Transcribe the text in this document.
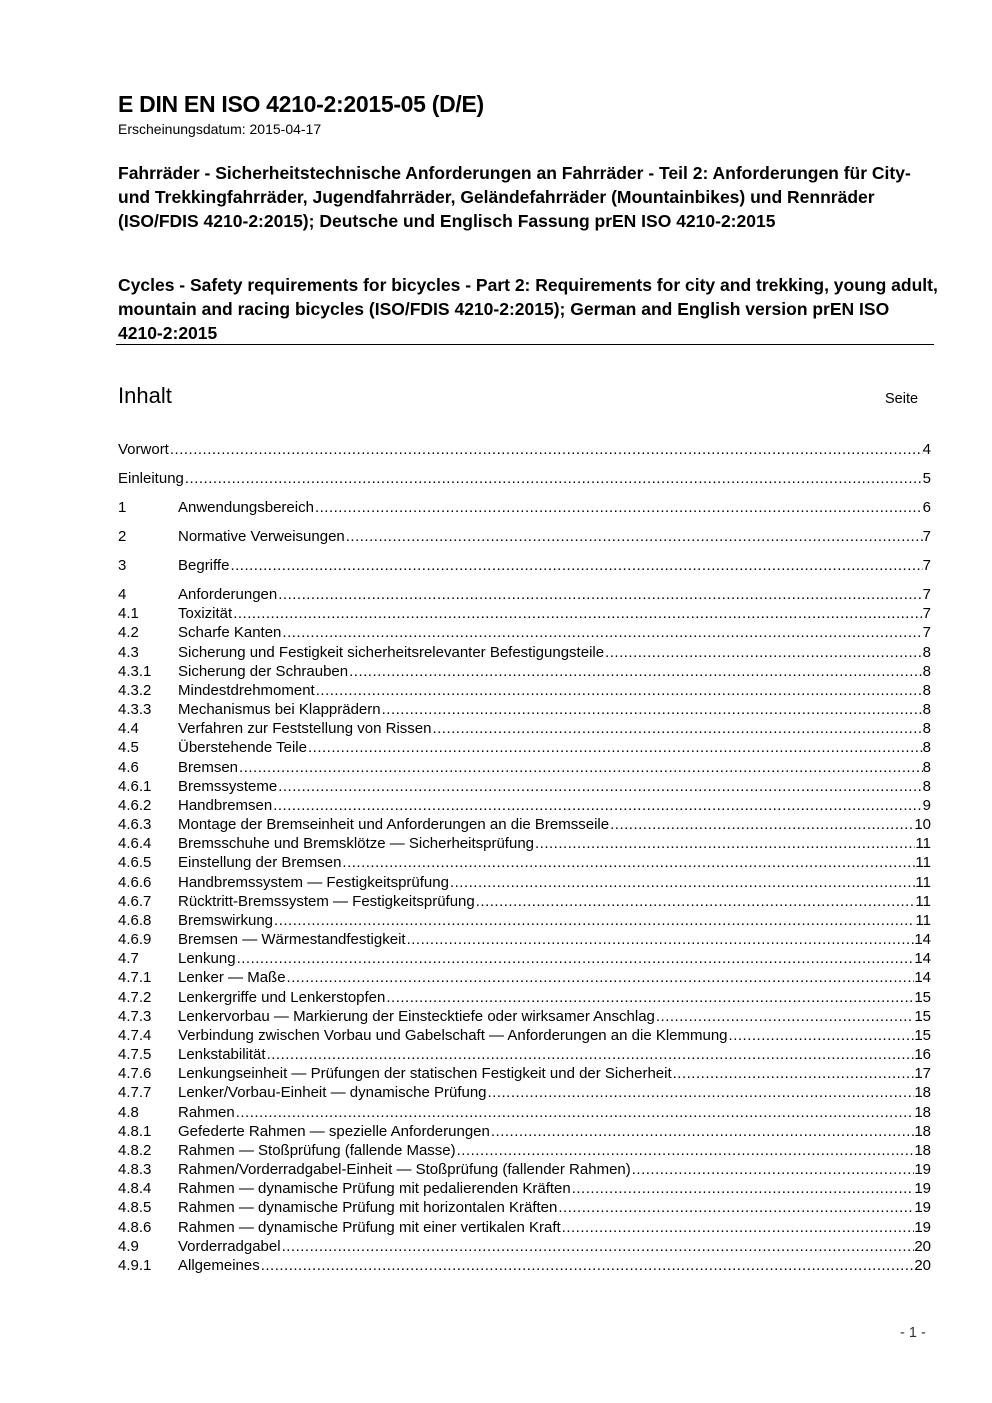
E DIN EN ISO 4210-2:2015-05 (D/E)
Erscheinungsdatum: 2015-04-17
Fahrräder - Sicherheitstechnische Anforderungen an Fahrräder - Teil 2: Anforderungen für City- und Trekkingfahrräder, Jugendfahrräder, Geländefahrräder (Mountainbikes) und Rennräder (ISO/FDIS 4210-2:2015); Deutsche und Englisch Fassung prEN ISO 4210-2:2015
Cycles - Safety requirements for bicycles - Part 2: Requirements for city and trekking, young adult, mountain and racing bicycles (ISO/FDIS 4210-2:2015); German and English version prEN ISO 4210-2:2015
Inhalt	Seite
Vorwort .....	4
Einleitung .....	5
1	Anwendungsbereich .....	6
2	Normative Verweisungen .....	7
3	Begriffe .....	7
4	Anforderungen .....	7
4.1	Toxizität .....	7
4.2	Scharfe Kanten .....	7
4.3	Sicherung und Festigkeit sicherheitsrelevanter Befestigungsteile .....	8
4.3.1	Sicherung der Schrauben .....	8
4.3.2	Mindestdrehmoment .....	8
4.3.3	Mechanismus bei Klapprädern .....	8
4.4	Verfahren zur Feststellung von Rissen .....	8
4.5	Überstehende Teile .....	8
4.6	Bremsen .....	8
4.6.1	Bremssysteme .....	8
4.6.2	Handbremsen .....	9
4.6.3	Montage der Bremseinheit und Anforderungen an die Bremsseile .....	10
4.6.4	Bremsschuhe und Bremsklötze — Sicherheitsprüfung .....	11
4.6.5	Einstellung der Bremsen .....	11
4.6.6	Handbremssystem — Festigkeitsprüfung .....	11
4.6.7	Rücktritt-Bremssystem — Festigkeitsprüfung .....	11
4.6.8	Bremswirkung .....	11
4.6.9	Bremsen — Wärmestandfestigkeit .....	14
4.7	Lenkung .....	14
4.7.1	Lenker — Maße .....	14
4.7.2	Lenkergriffe und Lenkerstopfen .....	15
4.7.3	Lenkervorbau — Markierung der Einstecktiefe oder wirksamer Anschlag .....	15
4.7.4	Verbindung zwischen Vorbau und Gabelschaft — Anforderungen an die Klemmung .....	15
4.7.5	Lenkstabilität .....	16
4.7.6	Lenkungseinheit — Prüfungen der statischen Festigkeit und der Sicherheit .....	17
4.7.7	Lenker/Vorbau-Einheit — dynamische Prüfung .....	18
4.8	Rahmen .....	18
4.8.1	Gefederte Rahmen — spezielle Anforderungen .....	18
4.8.2	Rahmen — Stoßprüfung (fallende Masse) .....	18
4.8.3	Rahmen/Vorderradgabel-Einheit — Stoßprüfung (fallender Rahmen) .....	19
4.8.4	Rahmen — dynamische Prüfung mit pedalierenden Kräften .....	19
4.8.5	Rahmen — dynamische Prüfung mit horizontalen Kräften .....	19
4.8.6	Rahmen — dynamische Prüfung mit einer vertikalen Kraft .....	19
4.9	Vorderradgabel .....	20
4.9.1	Allgemeines .....	20
- 1 -
